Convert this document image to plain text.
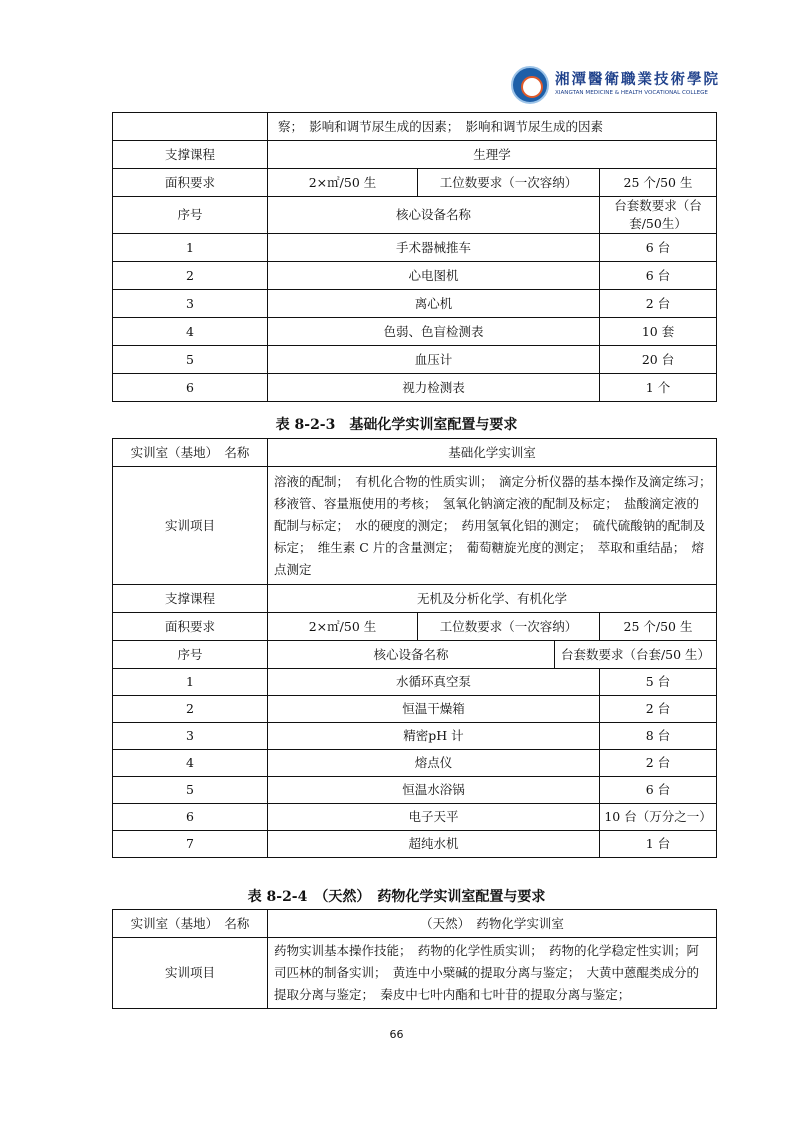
湘潭醫衛職業技術學院
XIANGTAN MEDICINE & HEALTH VOCATIONAL COLLEGE
	察；　影响和调节尿生成的因素；　影响和调节尿生成的因素		
支撑课程	生理学		
面积要求	2×㎡/50 生	工位数要求（一次容纳）	25 个/50 生
序号	核心设备名称		台套数要求（台套/50生）
1	手术器械推车		6 台
2	心电图机		6 台
3	离心机		2 台
4	色弱、色盲检测表		10 套
5	血压计		20 台
6	视力检测表		1 个
表 8-2-3　基础化学实训室配置与要求
实训室（基地）　名称	基础化学实训室			
实训项目	溶液的配制；　有机化合物的性质实训；　滴定分析仪器的基本操作及滴定练习；　移液管、容量瓶使用的考核；　氢氧化钠滴定液的配制及标定；　盐酸滴定液的配制与标定；　水的硬度的测定；　药用氢氧化铝的测定；　硫代硫酸钠的配制及标定；　维生素 C 片的含量测定；　葡萄糖旋光度的测定；　萃取和重结晶；　熔点测定			
支撑课程	无机及分析化学、有机化学			
面积要求	2×㎡/50 生	工位数要求（一次容纳）		25 个/50 生
序号	核心设备名称		台套数要求（台套/50 生）	
1	水循环真空泵			5 台
2	恒温干燥箱			2 台
3	精密pH 计			8 台
4	熔点仪			2 台
5	恒温水浴锅			6 台
6	电子天平			10 台（万分之一）
7	超纯水机			1 台
表 8-2-4　（天然）　药物化学实训室配置与要求
实训室（基地）　名称	（天然）　药物化学实训室
实训项目	药物实训基本操作技能；　药物的化学性质实训；　药物的化学稳定性实训；阿司匹林的制备实训；　黄连中小檗碱的提取分离与鉴定；　大黄中蒽醌类成分的提取分离与鉴定；　秦皮中七叶内酯和七叶苷的提取分离与鉴定；
66
